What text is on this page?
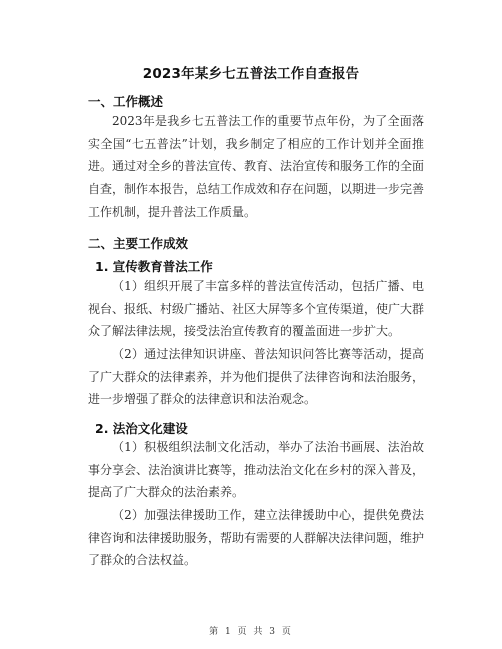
2023年某乡七五普法工作自查报告
一、工作概述
2023年是我乡七五普法工作的重要节点年份，为了全面落实全国“七五普法”计划，我乡制定了相应的工作计划并全面推进。通过对全乡的普法宣传、教育、法治宣传和服务工作的全面自查，制作本报告，总结工作成效和存在问题，以期进一步完善工作机制，提升普法工作质量。
二、主要工作成效
1. 宣传教育普法工作
（1）组织开展了丰富多样的普法宣传活动，包括广播、电视台、报纸、村级广播站、社区大屏等多个宣传渠道，使广大群众了解法律法规，接受法治宣传教育的覆盖面进一步扩大。
（2）通过法律知识讲座、普法知识问答比赛等活动，提高了广大群众的法律素养，并为他们提供了法律咨询和法治服务，进一步增强了群众的法律意识和法治观念。
2. 法治文化建设
（1）积极组织法制文化活动，举办了法治书画展、法治故事分享会、法治演讲比赛等，推动法治文化在乡村的深入普及，提高了广大群众的法治素养。
（2）加强法律援助工作，建立法律援助中心，提供免费法律咨询和法律援助服务，帮助有需要的人群解决法律问题，维护了群众的合法权益。
第 1 页 共 3 页
